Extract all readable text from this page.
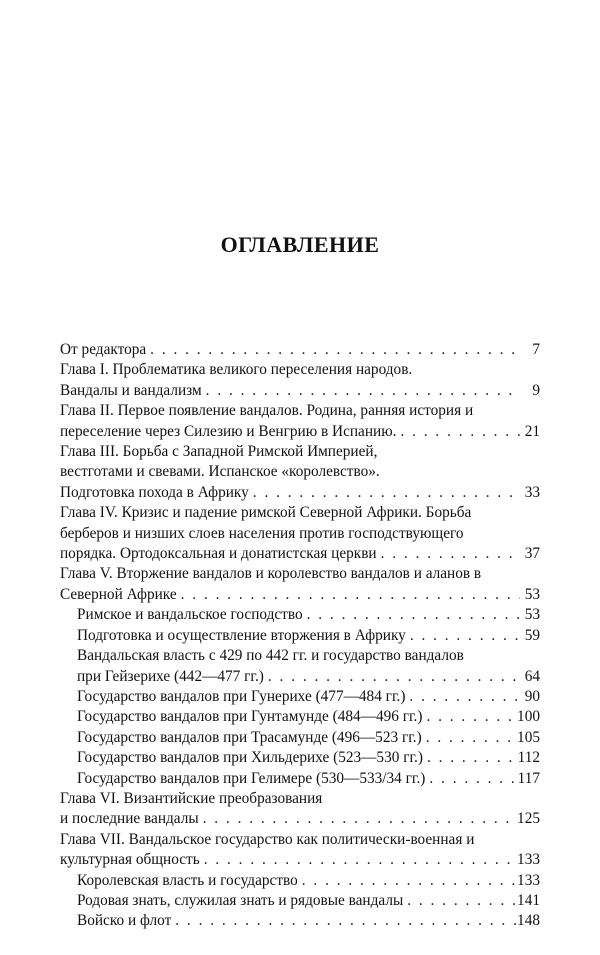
ОГЛАВЛЕНИЕ
От редактора . . .	7
Глава I. Проблематика великого переселения народов.
Вандалы и вандализм . . .	9
Глава II. Первое появление вандалов. Родина, ранняя история и
переселение через Силезию и Венгрию в Испанию. . . .	21
Глава III. Борьба с Западной Римской Империей,
вестготами и свевами. Испанское «королевство».
Подготовка похода в Африку . . .	33
Глава IV. Кризис и падение римской Северной Африки. Борьба
берберов и низших слоев населения против господствующего
порядка. Ортодоксальная и донатистская церкви . . .	37
Глава V. Вторжение вандалов и королевство вандалов и аланов в
Северной Африке . . .	53
Римское и вандальское господство . . .	53
Подготовка и осуществление вторжения в Африку . . .	59
Вандальская власть с 429 по 442 гг. и государство вандалов
при Гейзерихе (442—477 гг.) . . .	64
Государство вандалов при Гунерихе (477—484 гг.) . . .	90
Государство вандалов при Гунтамунде (484—496 гг.) . . .	100
Государство вандалов при Трасамунде (496—523 гг.) . . .	105
Государство вандалов при Хильдерихе (523—530 гг.) . . .	112
Государство вандалов при Гелимере (530—533/34 гг.) . . .	117
Глава VI. Византийские преобразования
и последние вандалы . . .	125
Глава VII. Вандальское государство как политически-военная и
культурная общность . . .	133
Королевская власть и государство . . .	133
Родовая знать, служилая знать и рядовые вандалы . . .	141
Войско и флот . . .	148
